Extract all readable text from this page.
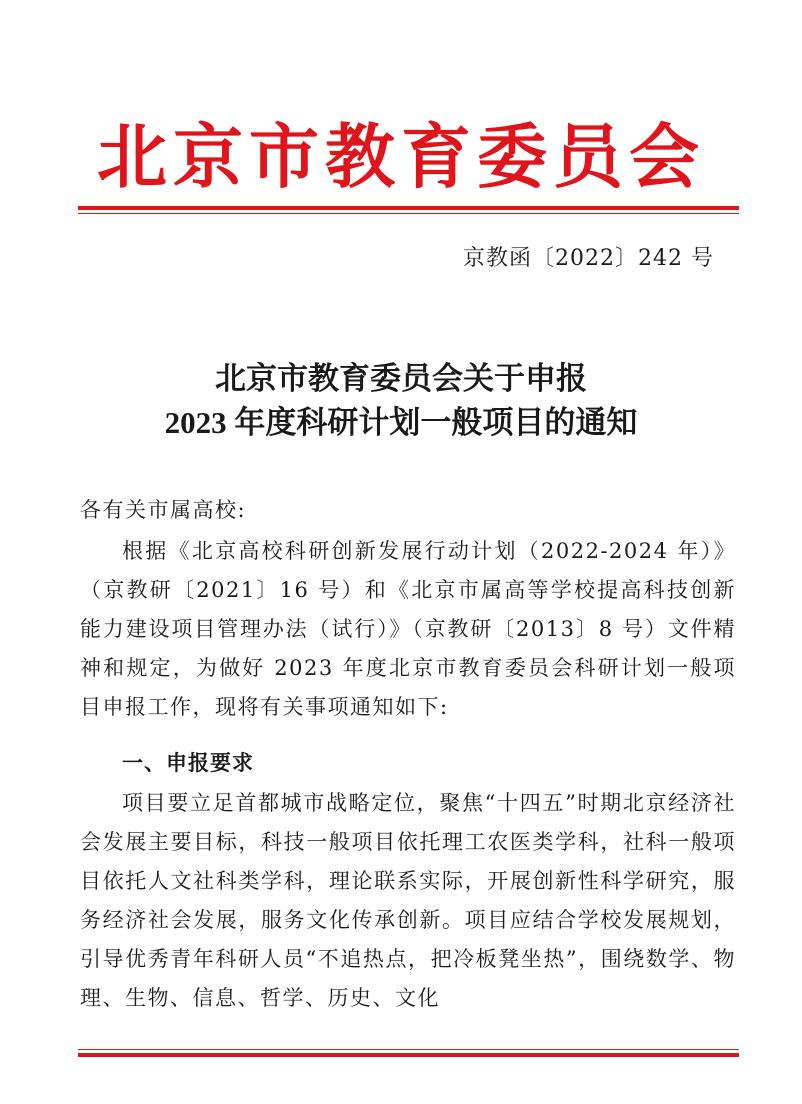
北京市教育委员会
京教函〔2022〕242 号
北京市教育委员会关于申报
2023 年度科研计划一般项目的通知
各有关市属高校:

根据《北京高校科研创新发展行动计划（2022-2024 年）》（京教研〔2021〕16 号）和《北京市属高等学校提高科技创新能力建设项目管理办法（试行）》（京教研〔2013〕8 号）文件精神和规定，为做好 2023 年度北京市教育委员会科研计划一般项目申报工作，现将有关事项通知如下:

一、申报要求

项目要立足首都城市战略定位，聚焦“十四五”时期北京经济社会发展主要目标，科技一般项目依托理工农医类学科，社科一般项目依托人文社科类学科，理论联系实际，开展创新性科学研究，服务经济社会发展，服务文化传承创新。项目应结合学校发展规划，引导优秀青年科研人员“不追热点，把冷板凳坐热”，围绕数学、物理、生物、信息、哲学、历史、文化
